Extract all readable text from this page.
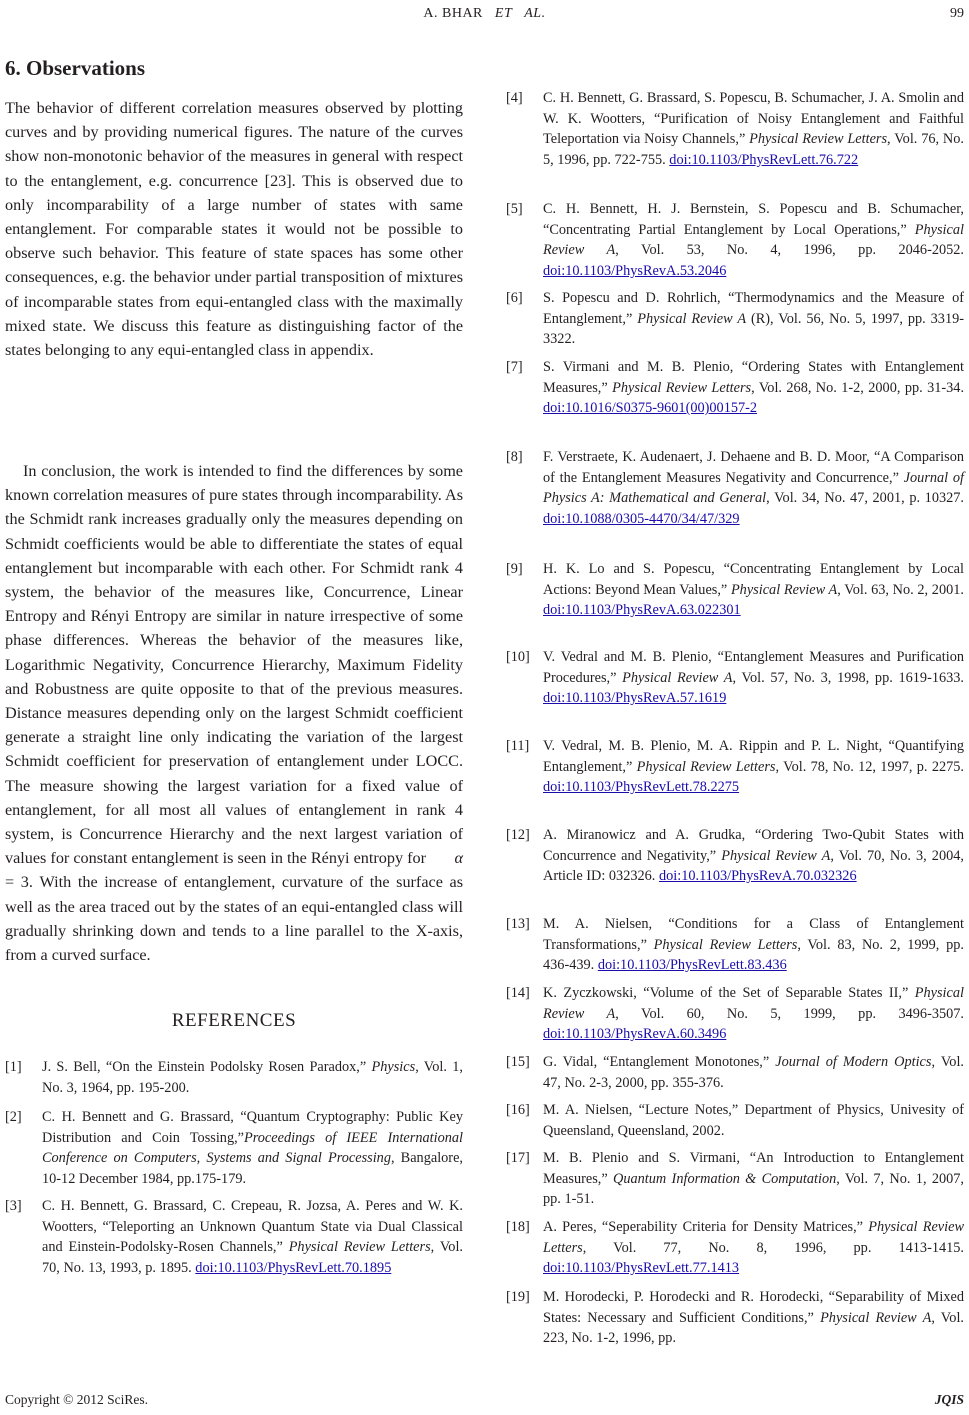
A. BHAR ET AL.	99
6. Observations

The behavior of different correlation measures observed by plotting curves and by providing numerical figures. The nature of the curves show non-monotonic behavior of the measures in general with respect to the entanglement, e.g. concurrence [23]. This is observed due to only incomparability of a large number of states with same entanglement. For comparable states it would not be possible to observe such behavior. This feature of state spaces has some other consequences, e.g. the behavior under partial transposition of mixtures of incomparable states from equi-entangled class with the maximally mixed state. We discuss this feature as distinguishing factor of the states belonging to any equi-entangled class in appendix.

In conclusion, the work is intended to find the differences by some known correlation measures of pure states through incomparability. As the Schmidt rank increases gradually only the measures depending on Schmidt coefficients would be able to differentiate the states of equal entanglement but incomparable with each other. For Schmidt rank 4 system, the behavior of the measures like, Concurrence, Linear Entropy and Rényi Entropy are similar in nature irrespective of some phase differences. Whereas the behavior of the measures like, Logarithmic Negativity, Concurrence Hierarchy, Maximum Fidelity and Robustness are quite opposite to that of the previous measures. Distance measures depending only on the largest Schmidt coefficient generate a straight line only indicating the variation of the largest Schmidt coefficient for preservation of entanglement under LOCC. The measure showing the largest variation for a fixed value of entanglement, for all most all values of entanglement in rank 4 system, is Concurrence Hierarchy and the next largest variation of values for constant entanglement is seen in the Rényi entropy for α = 3. With the increase of entanglement, curvature of the surface as well as the area traced out by the states of an equi-entangled class will gradually shrinking down and tends to a line parallel to the X-axis, from a curved surface.

REFERENCES
[1] J. S. Bell, “On the Einstein Podolsky Rosen Paradox,” Physics, Vol. 1, No. 3, 1964, pp. 195-200.
[2] C. H. Bennett and G. Brassard, “Quantum Cryptography: Public Key Distribution and Coin Tossing,”Proceedings of IEEE International Conference on Computers, Systems and Signal Processing, Bangalore, 10-12 December 1984, pp.175-179.
[3] C. H. Bennett, G. Brassard, C. Crepeau, R. Jozsa, A. Peres and W. K. Wootters, “Teleporting an Unknown Quantum State via Dual Classical and Einstein-Podolsky-Rosen Channels,” Physical Review Letters, Vol. 70, No. 13, 1993, p. 1895. doi:10.1103/PhysRevLett.70.1895
[4] C. H. Bennett, G. Brassard, S. Popescu, B. Schumacher, J. A. Smolin and W. K. Wootters, “Purification of Noisy Entanglement and Faithful Teleportation via Noisy Channels,” Physical Review Letters, Vol. 76, No. 5, 1996, pp. 722-755. doi:10.1103/PhysRevLett.76.722
[5] C. H. Bennett, H. J. Bernstein, S. Popescu and B. Schumacher, “Concentrating Partial Entanglement by Local Operations,” Physical Review A, Vol. 53, No. 4, 1996, pp. 2046-2052. doi:10.1103/PhysRevA.53.2046
[6] S. Popescu and D. Rohrlich, “Thermodynamics and the Measure of Entanglement,” Physical Review A (R), Vol. 56, No. 5, 1997, pp. 3319-3322.
[7] S. Virmani and M. B. Plenio, “Ordering States with Entanglement Measures,” Physical Review Letters, Vol. 268, No. 1-2, 2000, pp. 31-34. doi:10.1016/S0375-9601(00)00157-2
[8] F. Verstraete, K. Audenaert, J. Dehaene and B. D. Moor, “A Comparison of the Entanglement Measures Negativity and Concurrence,” Journal of Physics A: Mathematical and General, Vol. 34, No. 47, 2001, p. 10327. doi:10.1088/0305-4470/34/47/329
[9] H. K. Lo and S. Popescu, “Concentrating Entanglement by Local Actions: Beyond Mean Values,” Physical Review A, Vol. 63, No. 2, 2001. doi:10.1103/PhysRevA.63.022301
[10] V. Vedral and M. B. Plenio, “Entanglement Measures and Purification Procedures,” Physical Review A, Vol. 57, No. 3, 1998, pp. 1619-1633. doi:10.1103/PhysRevA.57.1619
[11] V. Vedral, M. B. Plenio, M. A. Rippin and P. L. Night, “Quantifying Entanglement,” Physical Review Letters, Vol. 78, No. 12, 1997, p. 2275. doi:10.1103/PhysRevLett.78.2275
[12] A. Miranowicz and A. Grudka, “Ordering Two-Qubit States with Concurrence and Negativity,” Physical Review A, Vol. 70, No. 3, 2004, Article ID: 032326. doi:10.1103/PhysRevA.70.032326
[13] M. A. Nielsen, “Conditions for a Class of Entanglement Transformations,” Physical Review Letters, Vol. 83, No. 2, 1999, pp. 436-439. doi:10.1103/PhysRevLett.83.436
[14] K. Zyczkowski, “Volume of the Set of Separable States II,” Physical Review A, Vol. 60, No. 5, 1999, pp. 3496-3507. doi:10.1103/PhysRevA.60.3496
[15] G. Vidal, “Entanglement Monotones,” Journal of Modern Optics, Vol. 47, No. 2-3, 2000, pp. 355-376.
[16] M. A. Nielsen, “Lecture Notes,” Department of Physics, Univesity of Queensland, Queensland, 2002.
[17] M. B. Plenio and S. Virmani, “An Introduction to Entanglement Measures,” Quantum Information & Computation, Vol. 7, No. 1, 2007, pp. 1-51.
[18] A. Peres, “Seperability Criteria for Density Matrices,” Physical Review Letters, Vol. 77, No. 8, 1996, pp. 1413-1415. doi:10.1103/PhysRevLett.77.1413
[19] M. Horodecki, P. Horodecki and R. Horodecki, “Separability of Mixed States: Necessary and Sufficient Conditions,” Physical Review A, Vol. 223, No. 1-2, 1996, pp.
Copyright © 2012 SciRes.	JQIS
